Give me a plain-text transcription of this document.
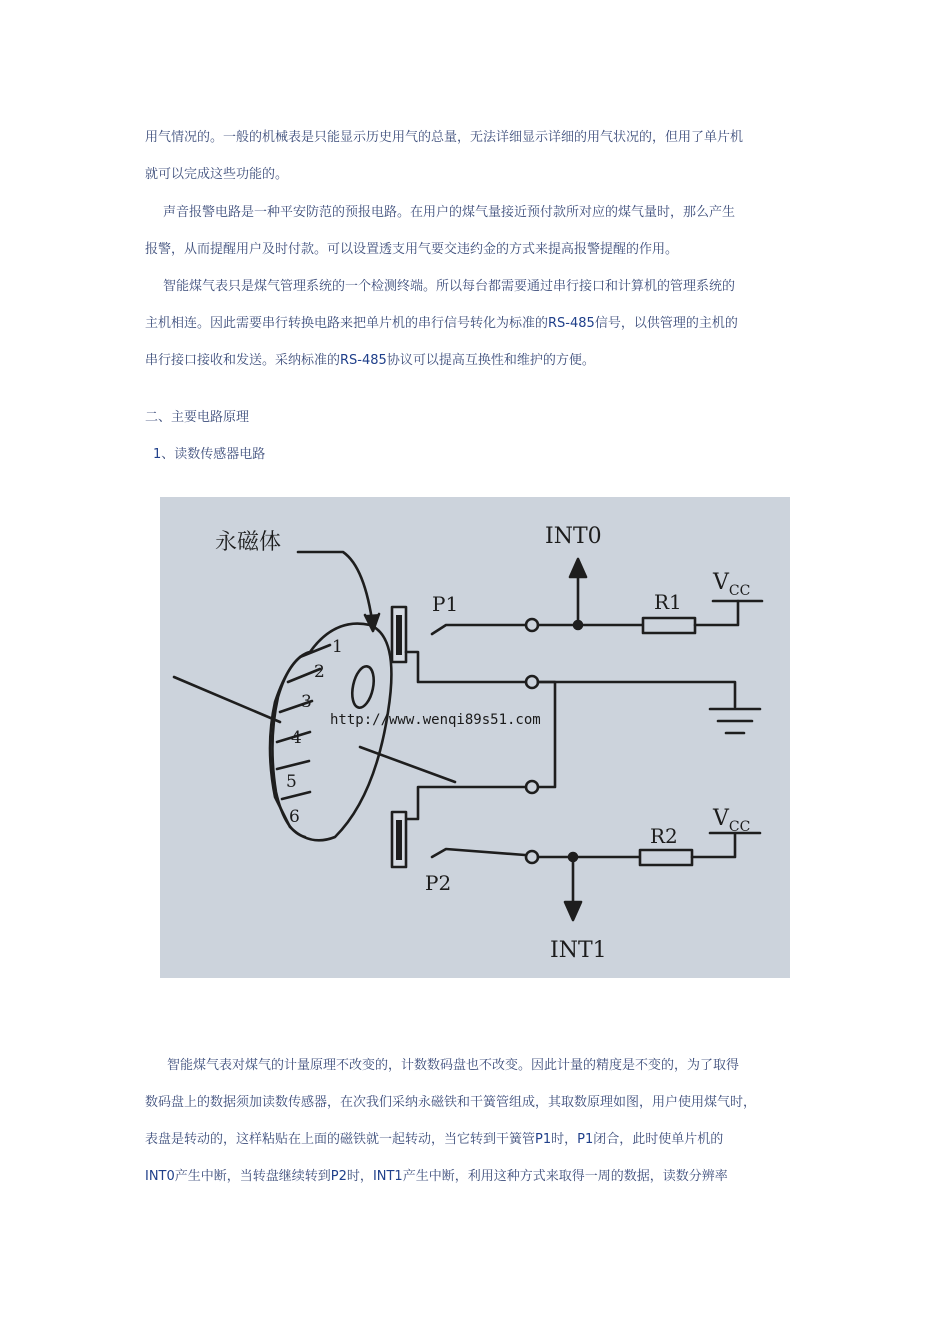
用气情况的。一般的机械表是只能显示历史用气的总量，无法详细显示详细的用气状况的，但用了单片机

就可以完成这些功能的。

声音报警电路是一种平安防范的预报电路。在用户的煤气量接近预付款所对应的煤气量时，那么产生

报警，从而提醒用户及时付款。可以设置透支用气要交违约金的方式来提高报警提醒的作用。

智能煤气表只是煤气管理系统的一个检测终端。所以每台都需要通过串行接口和计算机的管理系统的

主机相连。因此需要串行转换电路来把单片机的串行信号转化为标准的RS-485信号，以供管理的主机的

串行接口接收和发送。采纳标准的RS-485协议可以提高互换性和维护的方便。

二、主要电路原理

1、读数传感器电路

1
2
3
4
5
6
永磁体	INT0
P1	R1
$V_{CC}$
http://www.wenqi89s51.com
$V_{CC}$
R2
P2
INT1

智能煤气表对煤气的计量原理不改变的，计数数码盘也不改变。因此计量的精度是不变的，为了取得

数码盘上的数据须加读数传感器，在次我们采纳永磁铁和干簧管组成，其取数原理如图，用户使用煤气时，

表盘是转动的，这样粘贴在上面的磁铁就一起转动，当它转到干簧管P1时，P1闭合，此时使单片机的

INT0产生中断，当转盘继续转到P2时，INT1产生中断，利用这种方式来取得一周的数据，读数分辨率
